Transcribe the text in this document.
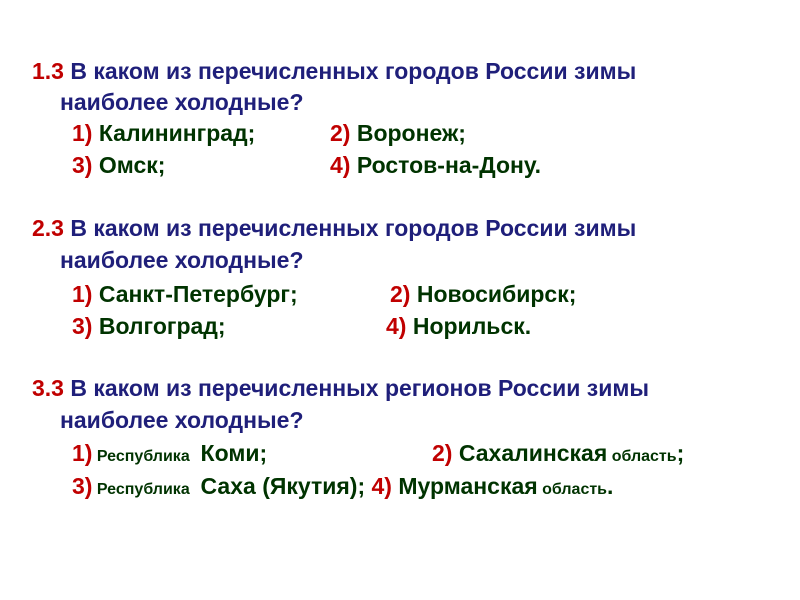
1.3 В каком из перечисленных городов России зимы
наиболее холодные?
1) Калининград;	2) Воронеж;
3) Омск;	4) Ростов-на-Дону.
2.3 В каком из перечисленных городов России зимы
наиболее холодные?
1) Санкт-Петербург;	2) Новосибирск;
3) Волгоград;	4) Норильск.
3.3 В каком из перечисленных регионов России зимы
наиболее холодные?
1) Республика  Коми;	2) Сахалинская область;
3) Республика  Саха (Якутия); 4) Мурманская область.
